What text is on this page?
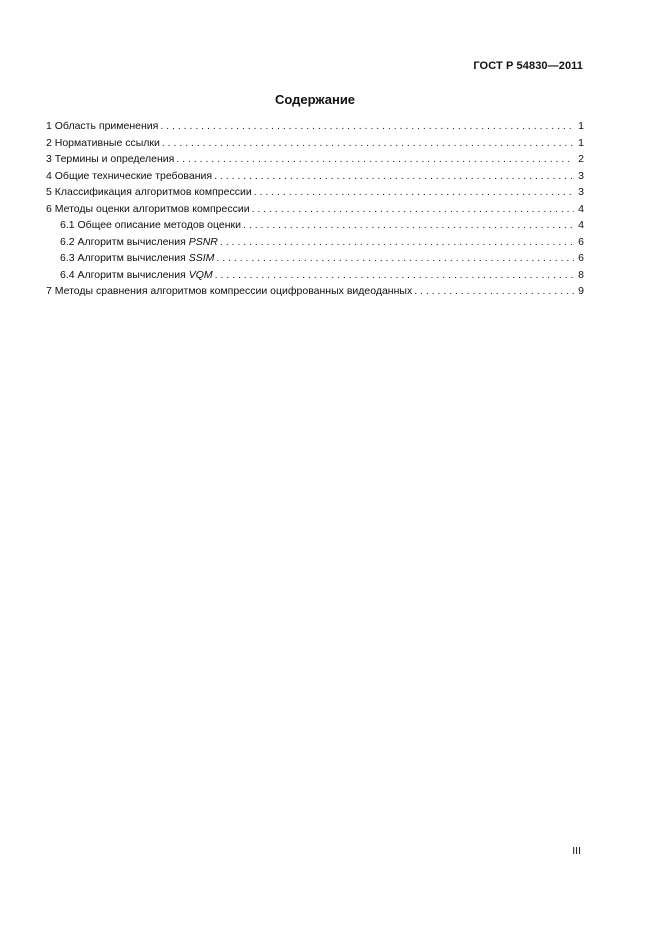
ГОСТ Р 54830—2011
Содержание
1 Область применения . . .	1
2 Нормативные ссылки . . .	1
3 Термины и определения . . .	2
4 Общие технические требования . . .	3
5 Классификация алгоритмов компрессии . . .	3
6 Методы оценки алгоритмов компрессии . . .	4
6.1 Общее описание методов оценки . . .	4
6.2 Алгоритм вычисления PSNR . . .	6
6.3 Алгоритм вычисления SSIM . . .	6
6.4 Алгоритм вычисления VQM . . .	8
7 Методы сравнения алгоритмов компрессии оцифрованных видеоданных . . .	9
III
